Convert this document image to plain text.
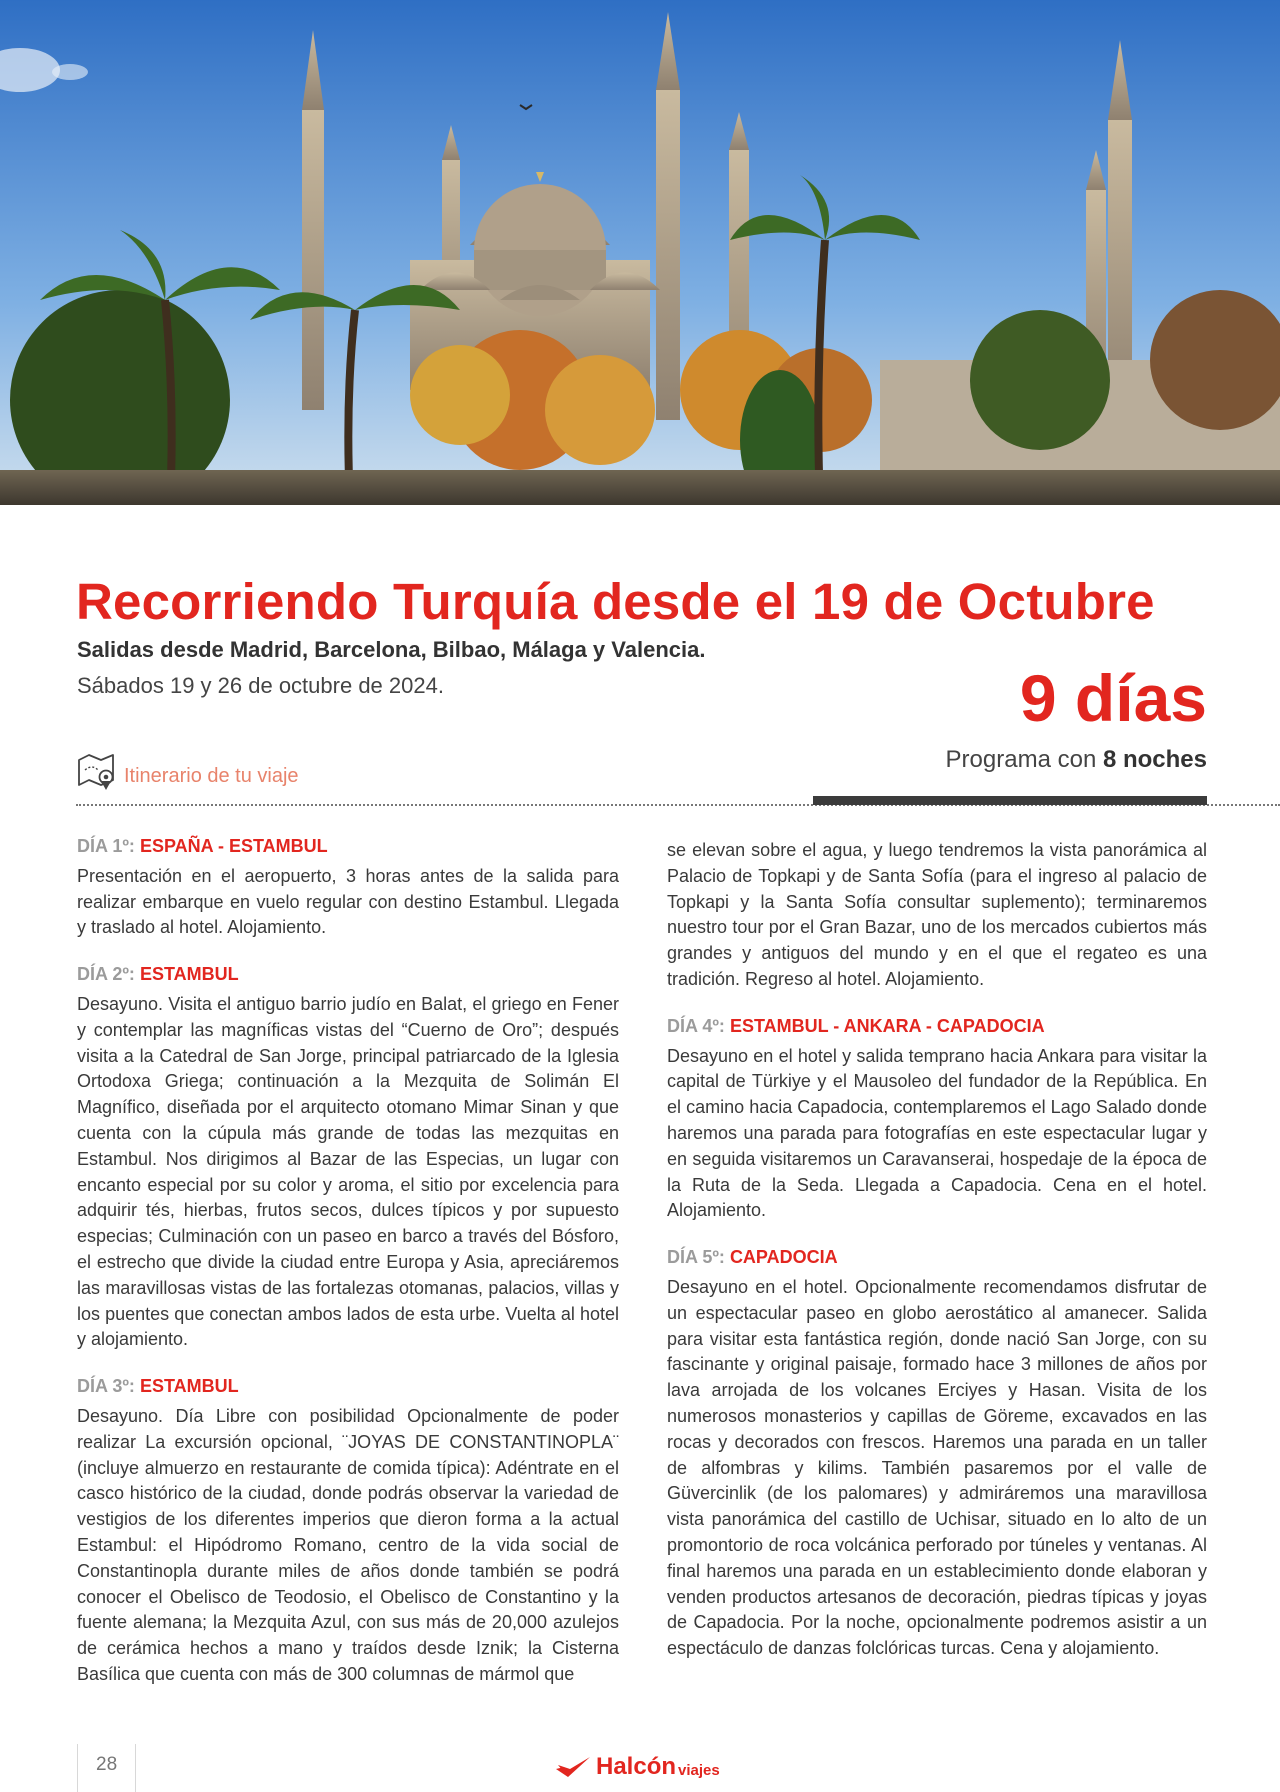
Recorriendo Turquía desde el 19 de Octubre
Salidas desde Madrid, Barcelona, Bilbao, Málaga y Valencia.
Sábados 19 y 26 de octubre de 2024.	9 días
Programa con 8 noches
Itinerario de tu viaje
DÍA 1º: ESPAÑA - ESTAMBUL

Presentación en el aeropuerto, 3 horas antes de la salida para realizar embarque en vuelo regular con destino Estambul. Llegada y traslado al hotel. Alojamiento.

DÍA 2º: ESTAMBUL

Desayuno. Visita el antiguo barrio judío en Balat, el griego en Fener y contemplar las magníficas vistas del “Cuerno de Oro”; después visita a la Catedral de San Jorge, principal patriarcado de la Iglesia Ortodoxa Griega; continuación a la Mezquita de Solimán El Magnífico, diseñada por el arquitecto otomano Mimar Sinan y que cuenta con la cúpula más grande de todas las mezquitas en Estambul. Nos dirigimos al Bazar de las Especias, un lugar con encanto especial por su color y aroma, el sitio por excelencia para adquirir tés, hierbas, frutos secos, dulces típicos y por supuesto especias; Culminación con un paseo en barco a través del Bósforo, el estrecho que divide la ciudad entre Europa y Asia, apreciáremos las maravillosas vistas de las fortalezas otomanas, palacios, villas y los puentes que conectan ambos lados de esta urbe. Vuelta al hotel y alojamiento.

DÍA 3º: ESTAMBUL

Desayuno. Día Libre con posibilidad Opcionalmente de poder realizar La excursión opcional, ¨JOYAS DE CONSTANTINOPLA¨ (incluye almuerzo en restaurante de comida típica): Adéntrate en el casco histórico de la ciudad, donde podrás observar la variedad de vestigios de los diferentes imperios que dieron forma a la actual Estambul: el Hipódromo Romano, centro de la vida social de Constantinopla durante miles de años donde también se podrá conocer el Obelisco de Teodosio, el Obelisco de Constantino y la fuente alemana; la Mezquita Azul, con sus más de 20,000 azulejos de cerámica hechos a mano y traídos desde Iznik; la Cisterna Basílica que cuenta con más de 300 columnas de mármol que

se elevan sobre el agua, y luego tendremos la vista panorámica al Palacio de Topkapi y de Santa Sofía (para el ingreso al palacio de Topkapi y la Santa Sofía consultar suplemento); terminaremos nuestro tour por el Gran Bazar, uno de los mercados cubiertos más grandes y antiguos del mundo y en el que el regateo es una tradición. Regreso al hotel. Alojamiento.

DÍA 4º: ESTAMBUL - ANKARA - CAPADOCIA

Desayuno en el hotel y salida temprano hacia Ankara para visitar la capital de Türkiye y el Mausoleo del fundador de la República. En el camino hacia Capadocia, contemplaremos el Lago Salado donde haremos una parada para fotografías en este espectacular lugar y en seguida visitaremos un Caravanserai, hospedaje de la época de la Ruta de la Seda. Llegada a Capadocia. Cena en el hotel. Alojamiento.

DÍA 5º: CAPADOCIA

Desayuno en el hotel. Opcionalmente recomendamos disfrutar de un espectacular paseo en globo aerostático al amanecer. Salida para visitar esta fantástica región, donde nació San Jorge, con su fascinante y original paisaje, formado hace 3 millones de años por lava arrojada de los volcanes Erciyes y Hasan. Visita de los numerosos monasterios y capillas de Göreme, excavados en las rocas y decorados con frescos. Haremos una parada en un taller de alfombras y kilims. También pasaremos por el valle de Güvercinlik (de los palomares) y admiráremos una maravillosa vista panorámica del castillo de Uchisar, situado en lo alto de un promontorio de roca volcánica perforado por túneles y ventanas. Al final haremos una parada en un establecimiento donde elaboran y venden productos artesanos de decoración, piedras típicas y joyas de Capadocia. Por la noche, opcionalmente podremos asistir a un espectáculo de danzas folclóricas turcas. Cena y alojamiento.

28	Halcón viajes
